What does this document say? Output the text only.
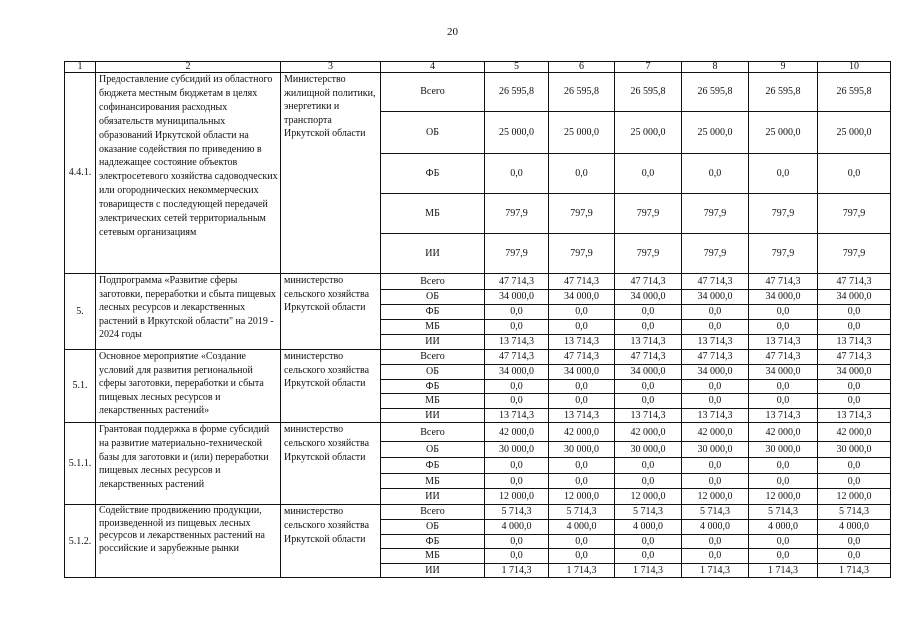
20
1	2	3	4	5	6	7	8	9	10
4.4.1.	Предоставление субсидий из областного бюджета местным бюджетам в целях софинансирования расходных обязательств муниципальных образований Иркутской области на оказание содействия по приведению в надлежащее состояние объектов электросетевого хозяйства садоводческих или огороднических некоммерческих товариществ с последующей передачей электрических сетей территориальным сетевым организациям	Министерство жилищной политики, энергетики и транспорта Иркутской области	Всего	26 595,8	26 595,8	26 595,8	26 595,8	26 595,8	26 595,8
			ОБ	25 000,0	25 000,0	25 000,0	25 000,0	25 000,0	25 000,0
			ФБ	0,0	0,0	0,0	0,0	0,0	0,0
			МБ	797,9	797,9	797,9	797,9	797,9	797,9
			ИИ	797,9	797,9	797,9	797,9	797,9	797,9
5.	Подпрограмма «Развитие сферы заготовки, переработки и сбыта пищевых лесных ресурсов и лекарственных растений в Иркутской области" на 2019 - 2024 годы	министерство сельского хозяйства Иркутской области	Всего	47 714,3	47 714,3	47 714,3	47 714,3	47 714,3	47 714,3
			ОБ	34 000,0	34 000,0	34 000,0	34 000,0	34 000,0	34 000,0
			ФБ	0,0	0,0	0,0	0,0	0,0	0,0
			МБ	0,0	0,0	0,0	0,0	0,0	0,0
			ИИ	13 714,3	13 714,3	13 714,3	13 714,3	13 714,3	13 714,3
5.1.	Основное мероприятие «Создание условий для развития региональной сферы заготовки, переработки и сбыта пищевых лесных ресурсов и лекарственных растений»	министерство сельского хозяйства Иркутской области	Всего	47 714,3	47 714,3	47 714,3	47 714,3	47 714,3	47 714,3
			ОБ	34 000,0	34 000,0	34 000,0	34 000,0	34 000,0	34 000,0
			ФБ	0,0	0,0	0,0	0,0	0,0	0,0
			МБ	0,0	0,0	0,0	0,0	0,0	0,0
			ИИ	13 714,3	13 714,3	13 714,3	13 714,3	13 714,3	13 714,3
5.1.1.	Грантовая поддержка в форме субсидий на развитие материально-технической базы для заготовки и (или) переработки пищевых лесных ресурсов и лекарственных растений	министерство сельского хозяйства Иркутской области	Всего	42 000,0	42 000,0	42 000,0	42 000,0	42 000,0	42 000,0
			ОБ	30 000,0	30 000,0	30 000,0	30 000,0	30 000,0	30 000,0
			ФБ	0,0	0,0	0,0	0,0	0,0	0,0
			МБ	0,0	0,0	0,0	0,0	0,0	0,0
			ИИ	12 000,0	12 000,0	12 000,0	12 000,0	12 000,0	12 000,0
5.1.2.	Содействие продвижению продукции, произведенной из пищевых лесных ресурсов и лекарственных растений на российские и зарубежные рынки	министерство сельского хозяйства Иркутской области	Всего	5 714,3	5 714,3	5 714,3	5 714,3	5 714,3	5 714,3
			ОБ	4 000,0	4 000,0	4 000,0	4 000,0	4 000,0	4 000,0
			ФБ	0,0	0,0	0,0	0,0	0,0	0,0
			МБ	0,0	0,0	0,0	0,0	0,0	0,0
			ИИ	1 714,3	1 714,3	1 714,3	1 714,3	1 714,3	1 714,3
